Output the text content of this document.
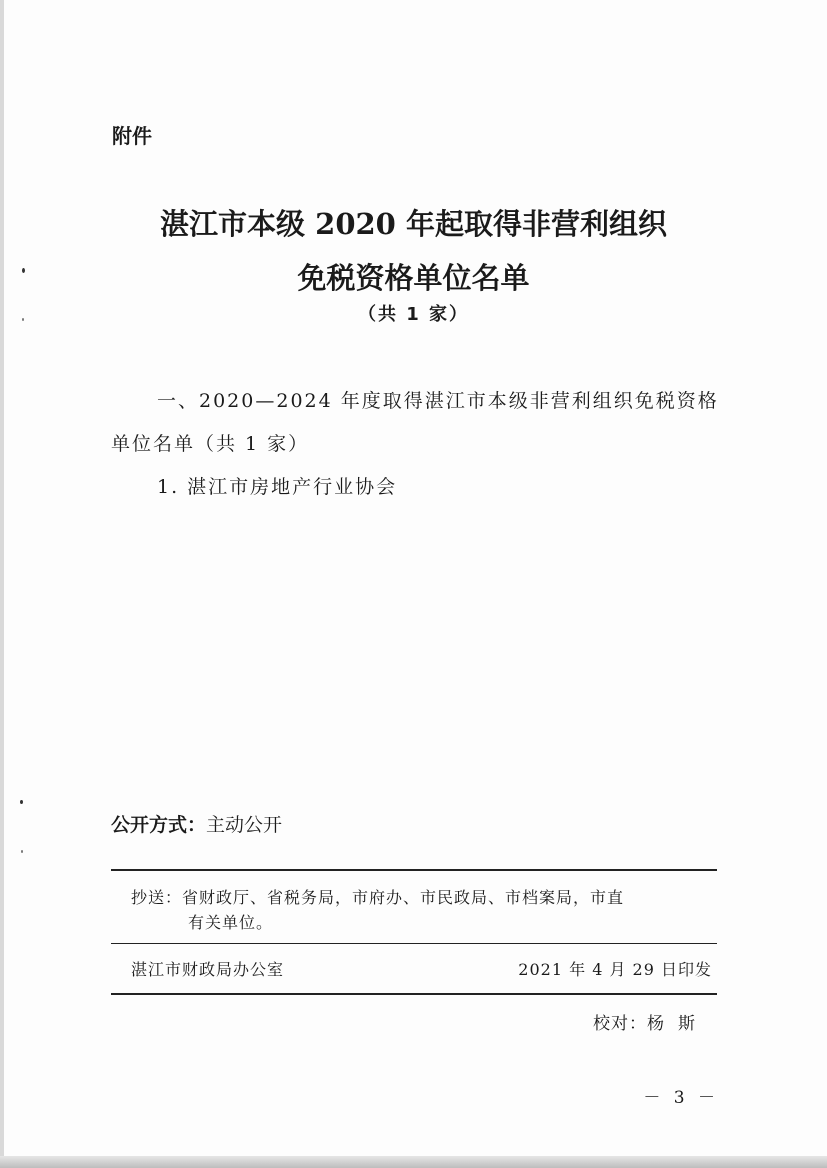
附件
湛江市本级 2020 年起取得非营利组织
免税资格单位名单
（共 1 家）
一、2020—2024 年度取得湛江市本级非营利组织免税资格
单位名单（共 1 家）
1. 湛江市房地产行业协会
公开方式：主动公开
抄送：省财政厅、省税务局，市府办、市民政局、市档案局，市直
有关单位。
湛江市财政局办公室	2021 年 4 月 29 日印发
校对：杨斯
－ 3 －
